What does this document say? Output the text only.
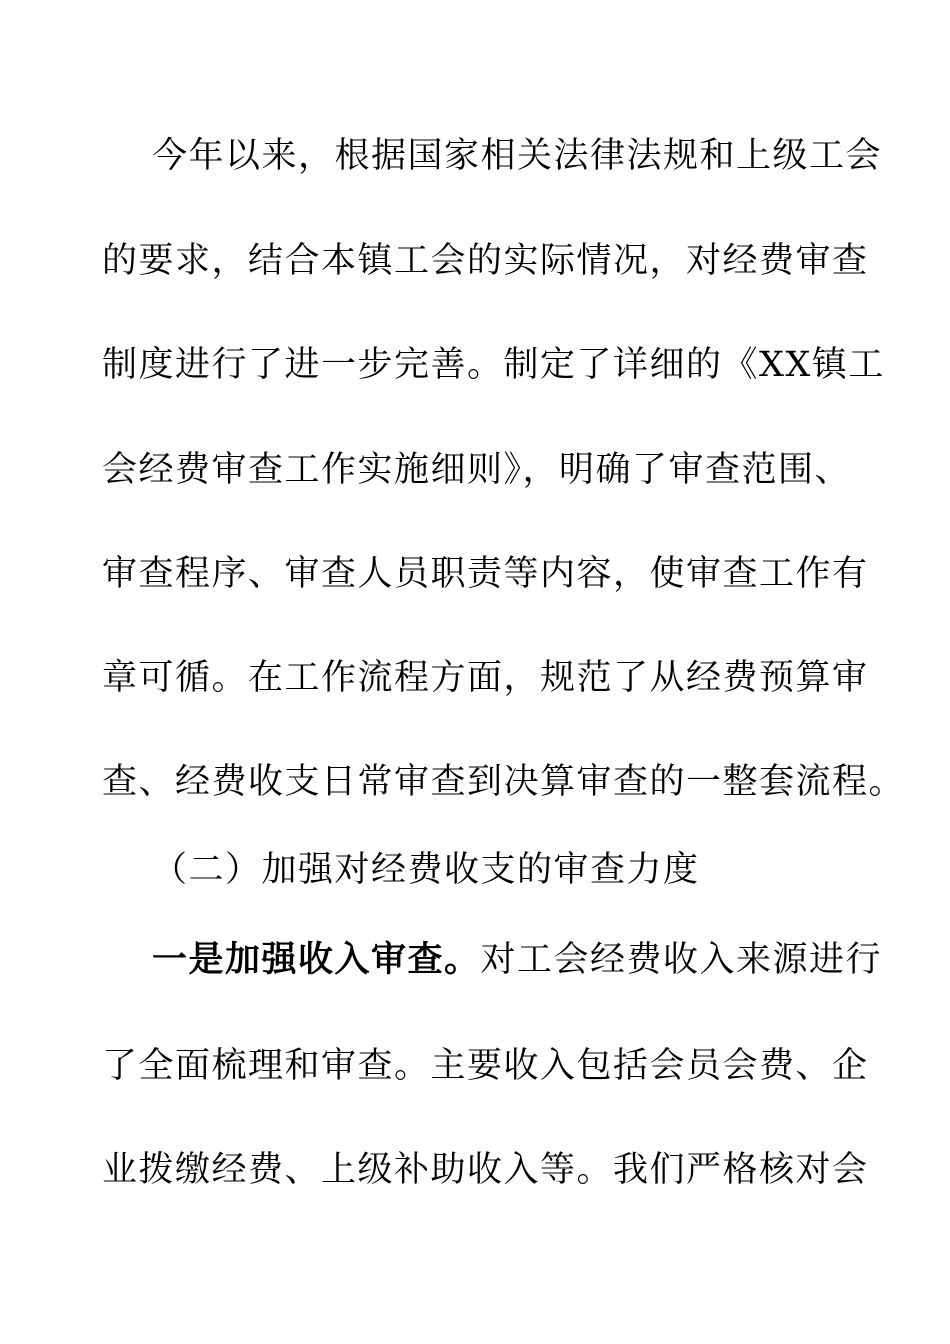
今年以来，根据国家相关法律法规和上级工会
的要求，结合本镇工会的实际情况，对经费审查
制度进行了进一步完善。制定了详细的《XX镇工
会经费审查工作实施细则》，明确了审查范围、
审查程序、审查人员职责等内容，使审查工作有
章可循。在工作流程方面，规范了从经费预算审
查、经费收支日常审查到决算审查的一整套流程。
（二）加强对经费收支的审查力度
一是加强收入审查。对工会经费收入来源进行
了全面梳理和审查。主要收入包括会员会费、企
业拨缴经费、上级补助收入等。我们严格核对会
